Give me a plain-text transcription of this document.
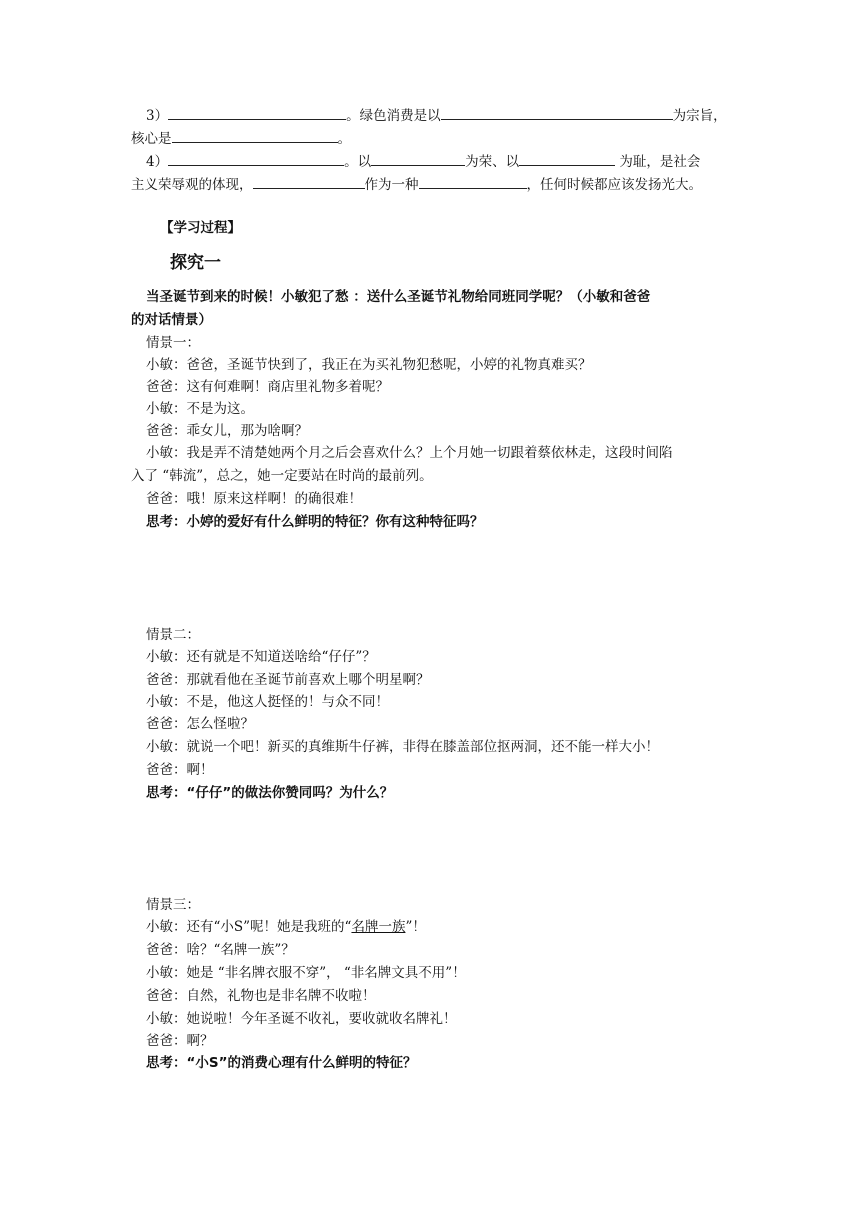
3）	。绿色消费是以	为宗旨，
核心是	。
4）	。以	为荣、以	为耻，是社会
主义荣辱观的体现，	作为一种	，任何时候都应该发扬光大。
【学习过程】
探究一
当圣诞节到来的时候！小敏犯了愁 ：送什么圣诞节礼物给同班同学呢？（小敏和爸爸
的对话情景）
情景一：
小敏：爸爸，圣诞节快到了，我正在为买礼物犯愁呢，小婷的礼物真难买？
爸爸：这有何难啊！商店里礼物多着呢？
小敏：不是为这。
爸爸：乖女儿，那为啥啊？
小敏：我是弄不清楚她两个月之后会喜欢什么？上个月她一切跟着蔡依林走，这段时间陷
入了 “韩流”，总之，她一定要站在时尚的最前列。
爸爸：哦！原来这样啊！的确很难！
思考：小婷的爱好有什么鲜明的特征？你有这种特征吗？
情景二：
小敏：还有就是不知道送啥给“仔仔”？
爸爸：那就看他在圣诞节前喜欢上哪个明星啊？
小敏：不是，他这人挺怪的！与众不同！
爸爸：怎么怪啦？
小敏：就说一个吧！新买的真维斯牛仔裤，非得在膝盖部位抠两洞，还不能一样大小！
爸爸：啊！
思考：“仔仔”的做法你赞同吗？为什么？
情景三：
小敏：还有“小S”呢！她是我班的“名牌一族”！
爸爸：啥？“名牌一族”？
小敏：她是 “非名牌衣服不穿”， “非名牌文具不用”！
爸爸：自然，礼物也是非名牌不收啦！
小敏：她说啦！今年圣诞不收礼，要收就收名牌礼！
爸爸：啊？
思考：“小S”的消费心理有什么鲜明的特征？
